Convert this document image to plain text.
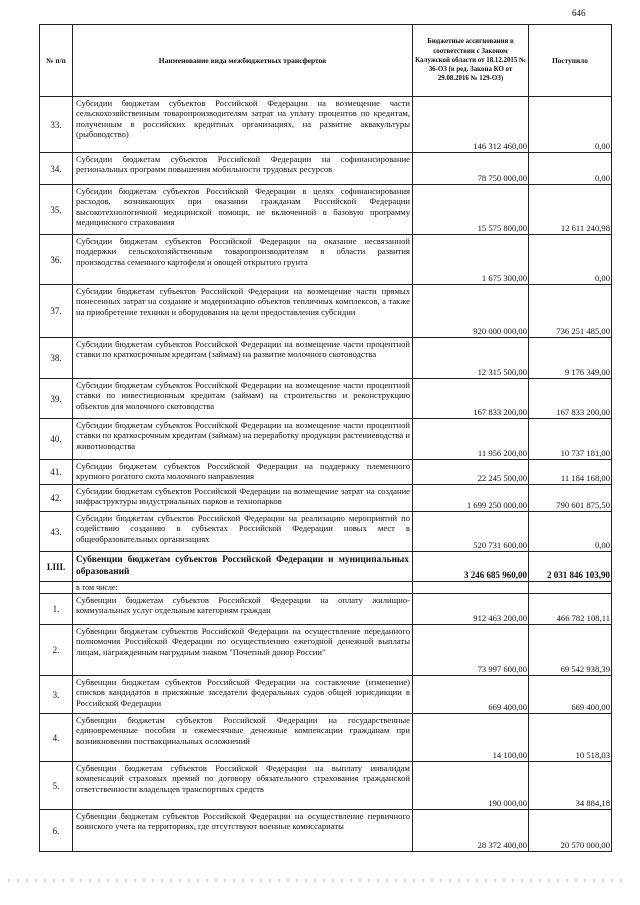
646
№ п/п	Наименование вида межбюджетных трансфертов	Бюджетные ассигнования в соответствии с Законом Калужской области от 18.12.2015 № 36-ОЗ (в ред. Закона КО от 29.08.2016 № 129-ОЗ)	Поступило
33.	Субсидии бюджетам субъектов Российской Федерации на возмещение части сельскохозяйственным товаропроизводителям затрат на уплату процентов по кредитам, полученным в российских кредитных организациях, на развитие аквакультуры (рыбоводство)	146 312 460,00	0,00
34.	Субсидии бюджетам субъектов Российской Федерации на софинансирование региональных программ повышения мобильности трудовых ресурсов	78 750 000,00	0,00
35.	Субсидии бюджетам субъектов Российской Федерации в целях софинансирования расходов, возникающих при оказании гражданам Российской Федерации высокотехнологичной медицинской помощи, не включенной в базовую программу медицинского страхования	15 575 800,00	12 611 240,98
36.	Субсидии бюджетам субъектов Российской Федерации на оказание несвязанной поддержки сельскохозяйственным товаропроизводителям в области развития производства семенного картофеля и овощей открытого грунта	1 675 300,00	0,00
37.	Субсидии бюджетам субъектов Российской Федерации на возмещение части прямых понесенных затрат на создание и модернизацию объектов тепличных комплексов, а также на приобретение техники и оборудования на цели предоставления субсидии	920 000 000,00	736 251 485,00
38.	Субсидии бюджетам субъектов Российской Федерации на возмещение части процентной ставки по краткосрочным кредитам (займам) на развитие молочного скотоводства	12 315 500,00	9 176 349,00
39.	Субсидии бюджетам субъектов Российской Федерации на возмещение части процентной ставки по инвестиционным кредитам (займам) на строительство и реконструкцию объектов для молочного скотоводства	167 833 200,00	167 833 200,00
40.	Субсидии бюджетам субъектов Российской Федерации на возмещение части процентной ставки по краткосрочным кредитам (займам) на переработку продукции растениеводства и животноводства	11 956 200,00	10 737 181,00
41.	Субсидии бюджетам субъектов Российской Федерации на поддержку племенного крупного рогатого скота молочного направления	22 245 500,00	11 184 168,00
42.	Субсидии бюджетам субъектов Российской Федерации на возмещение затрат на создание инфраструктуры индустриальных парков и технопарков	1 699 250 000,00	790 601 875,50
43.	Субсидии бюджетам субъектов Российской Федерации на реализацию мероприятий по содействию созданию в субъектах Российской Федерации новых мест в общеобразовательных организациях	520 731 600,00	0,00
I.III.	Субвенции бюджетам субъектов Российской Федерации и муниципальных образований	3 246 685 960,00	2 031 846 103,90
	в том числе:		
1.	Субвенции бюджетам субъектов Российской Федерации на оплату жилищно-коммунальных услуг отдельным категориям граждан	912 463 200,00	466 782 108,11
2.	Субвенции бюджетам субъектов Российской Федерации на осуществление переданного полномочия Российской Федерации по осуществлению ежегодной денежной выплаты лицам, награжденным нагрудным знаком "Почетный донор России"	73 997 600,00	69 542 938,39
3.	Субвенции бюджетам субъектов Российской Федерации на составление (изменение) списков кандидатов в присяжные заседатели федеральных судов общей юрисдикции в Российской Федерации	669 400,00	669 400,00
4.	Субвенции бюджетам субъектов Российской Федерации на государственные единовременные пособия и ежемесячные денежные компенсации гражданам при возникновении поствакцинальных осложнений	14 100,00	10 518,03
5.	Субвенции бюджетам субъектов Российской Федерации на выплату инвалидам компенсаций страховых премий по договору обязательного страхования гражданской ответственности владельцев транспортных средств	190 000,00	34 884,18
6.	Субвенции бюджетам субъектов Российской Федерации на осуществление первичного воинского учета на территориях, где отсутствуют военные комиссариаты	28 372 400,00	20 570 000,00
